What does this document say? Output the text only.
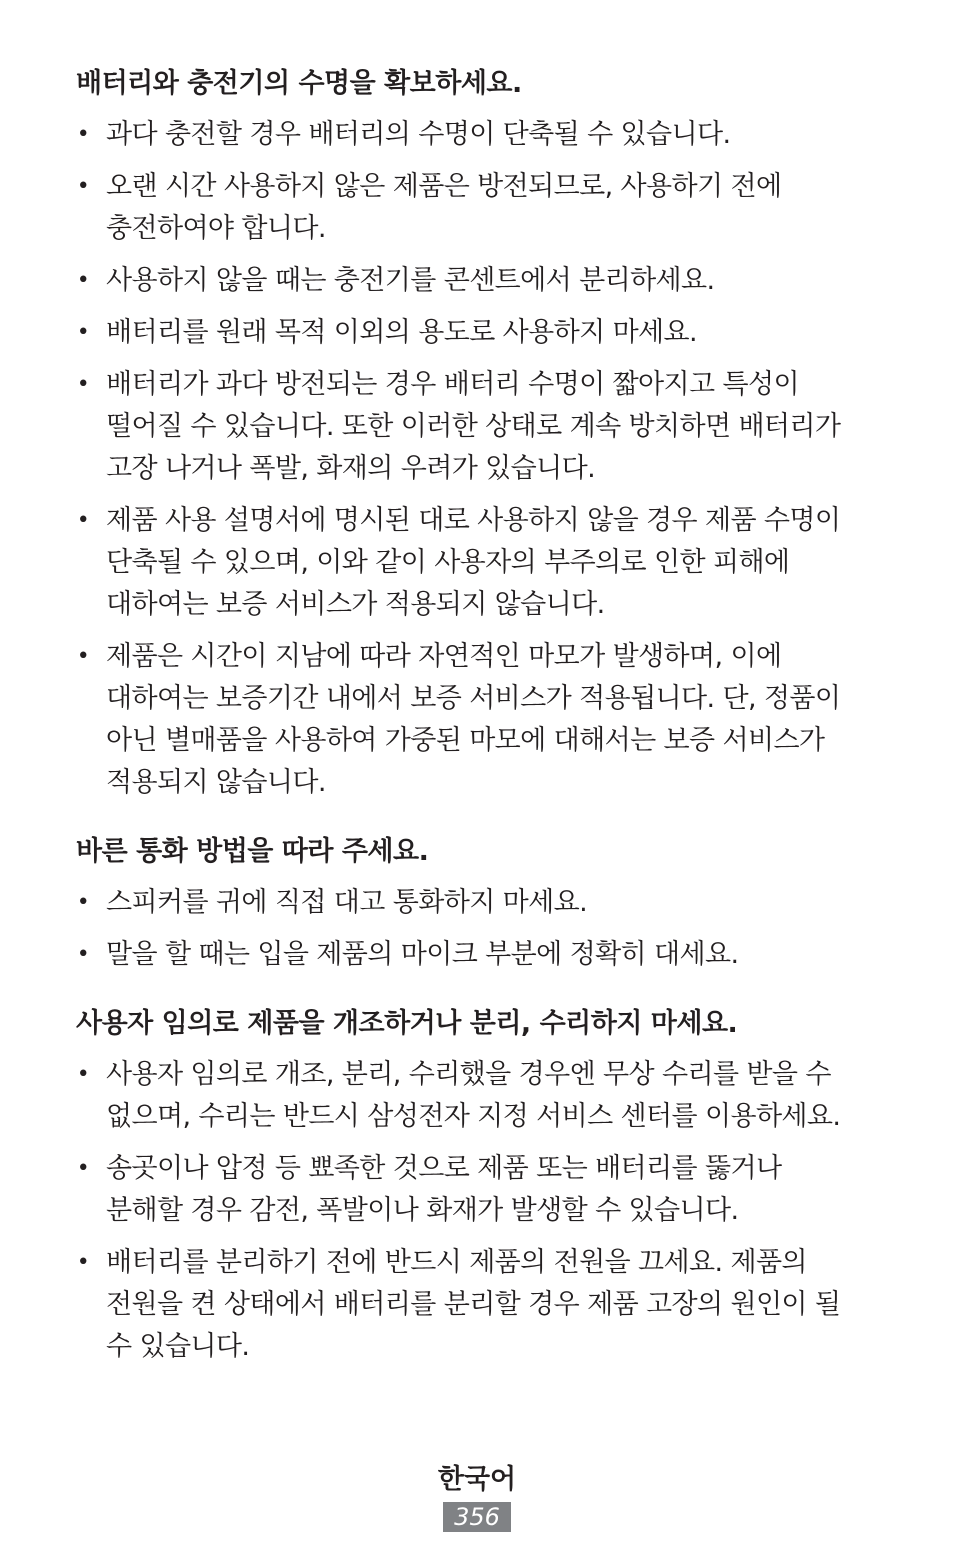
배터리와 충전기의 수명을 확보하세요.
• 과다 충전할 경우 배터리의 수명이 단축될 수 있습니다.
• 오랜 시간 사용하지 않은 제품은 방전되므로, 사용하기 전에
충전하여야 합니다.
• 사용하지 않을 때는 충전기를 콘센트에서 분리하세요.
• 배터리를 원래 목적 이외의 용도로 사용하지 마세요.
• 배터리가 과다 방전되는 경우 배터리 수명이 짧아지고 특성이
떨어질 수 있습니다. 또한 이러한 상태로 계속 방치하면 배터리가
고장 나거나 폭발, 화재의 우려가 있습니다.
• 제품 사용 설명서에 명시된 대로 사용하지 않을 경우 제품 수명이
단축될 수 있으며, 이와 같이 사용자의 부주의로 인한 피해에
대하여는 보증 서비스가 적용되지 않습니다.
• 제품은 시간이 지남에 따라 자연적인 마모가 발생하며, 이에
대하여는 보증기간 내에서 보증 서비스가 적용됩니다. 단, 정품이
아닌 별매품을 사용하여 가중된 마모에 대해서는 보증 서비스가
적용되지 않습니다.
바른 통화 방법을 따라 주세요.
• 스피커를 귀에 직접 대고 통화하지 마세요.
• 말을 할 때는 입을 제품의 마이크 부분에 정확히 대세요.
사용자 임의로 제품을 개조하거나 분리, 수리하지 마세요.
• 사용자 임의로 개조, 분리, 수리했을 경우엔 무상 수리를 받을 수
없으며, 수리는 반드시 삼성전자 지정 서비스 센터를 이용하세요.
• 송곳이나 압정 등 뾰족한 것으로 제품 또는 배터리를 뚫거나
분해할 경우 감전, 폭발이나 화재가 발생할 수 있습니다.
• 배터리를 분리하기 전에 반드시 제품의 전원을 끄세요. 제품의
전원을 켠 상태에서 배터리를 분리할 경우 제품 고장의 원인이 될
수 있습니다.
한국어
356
